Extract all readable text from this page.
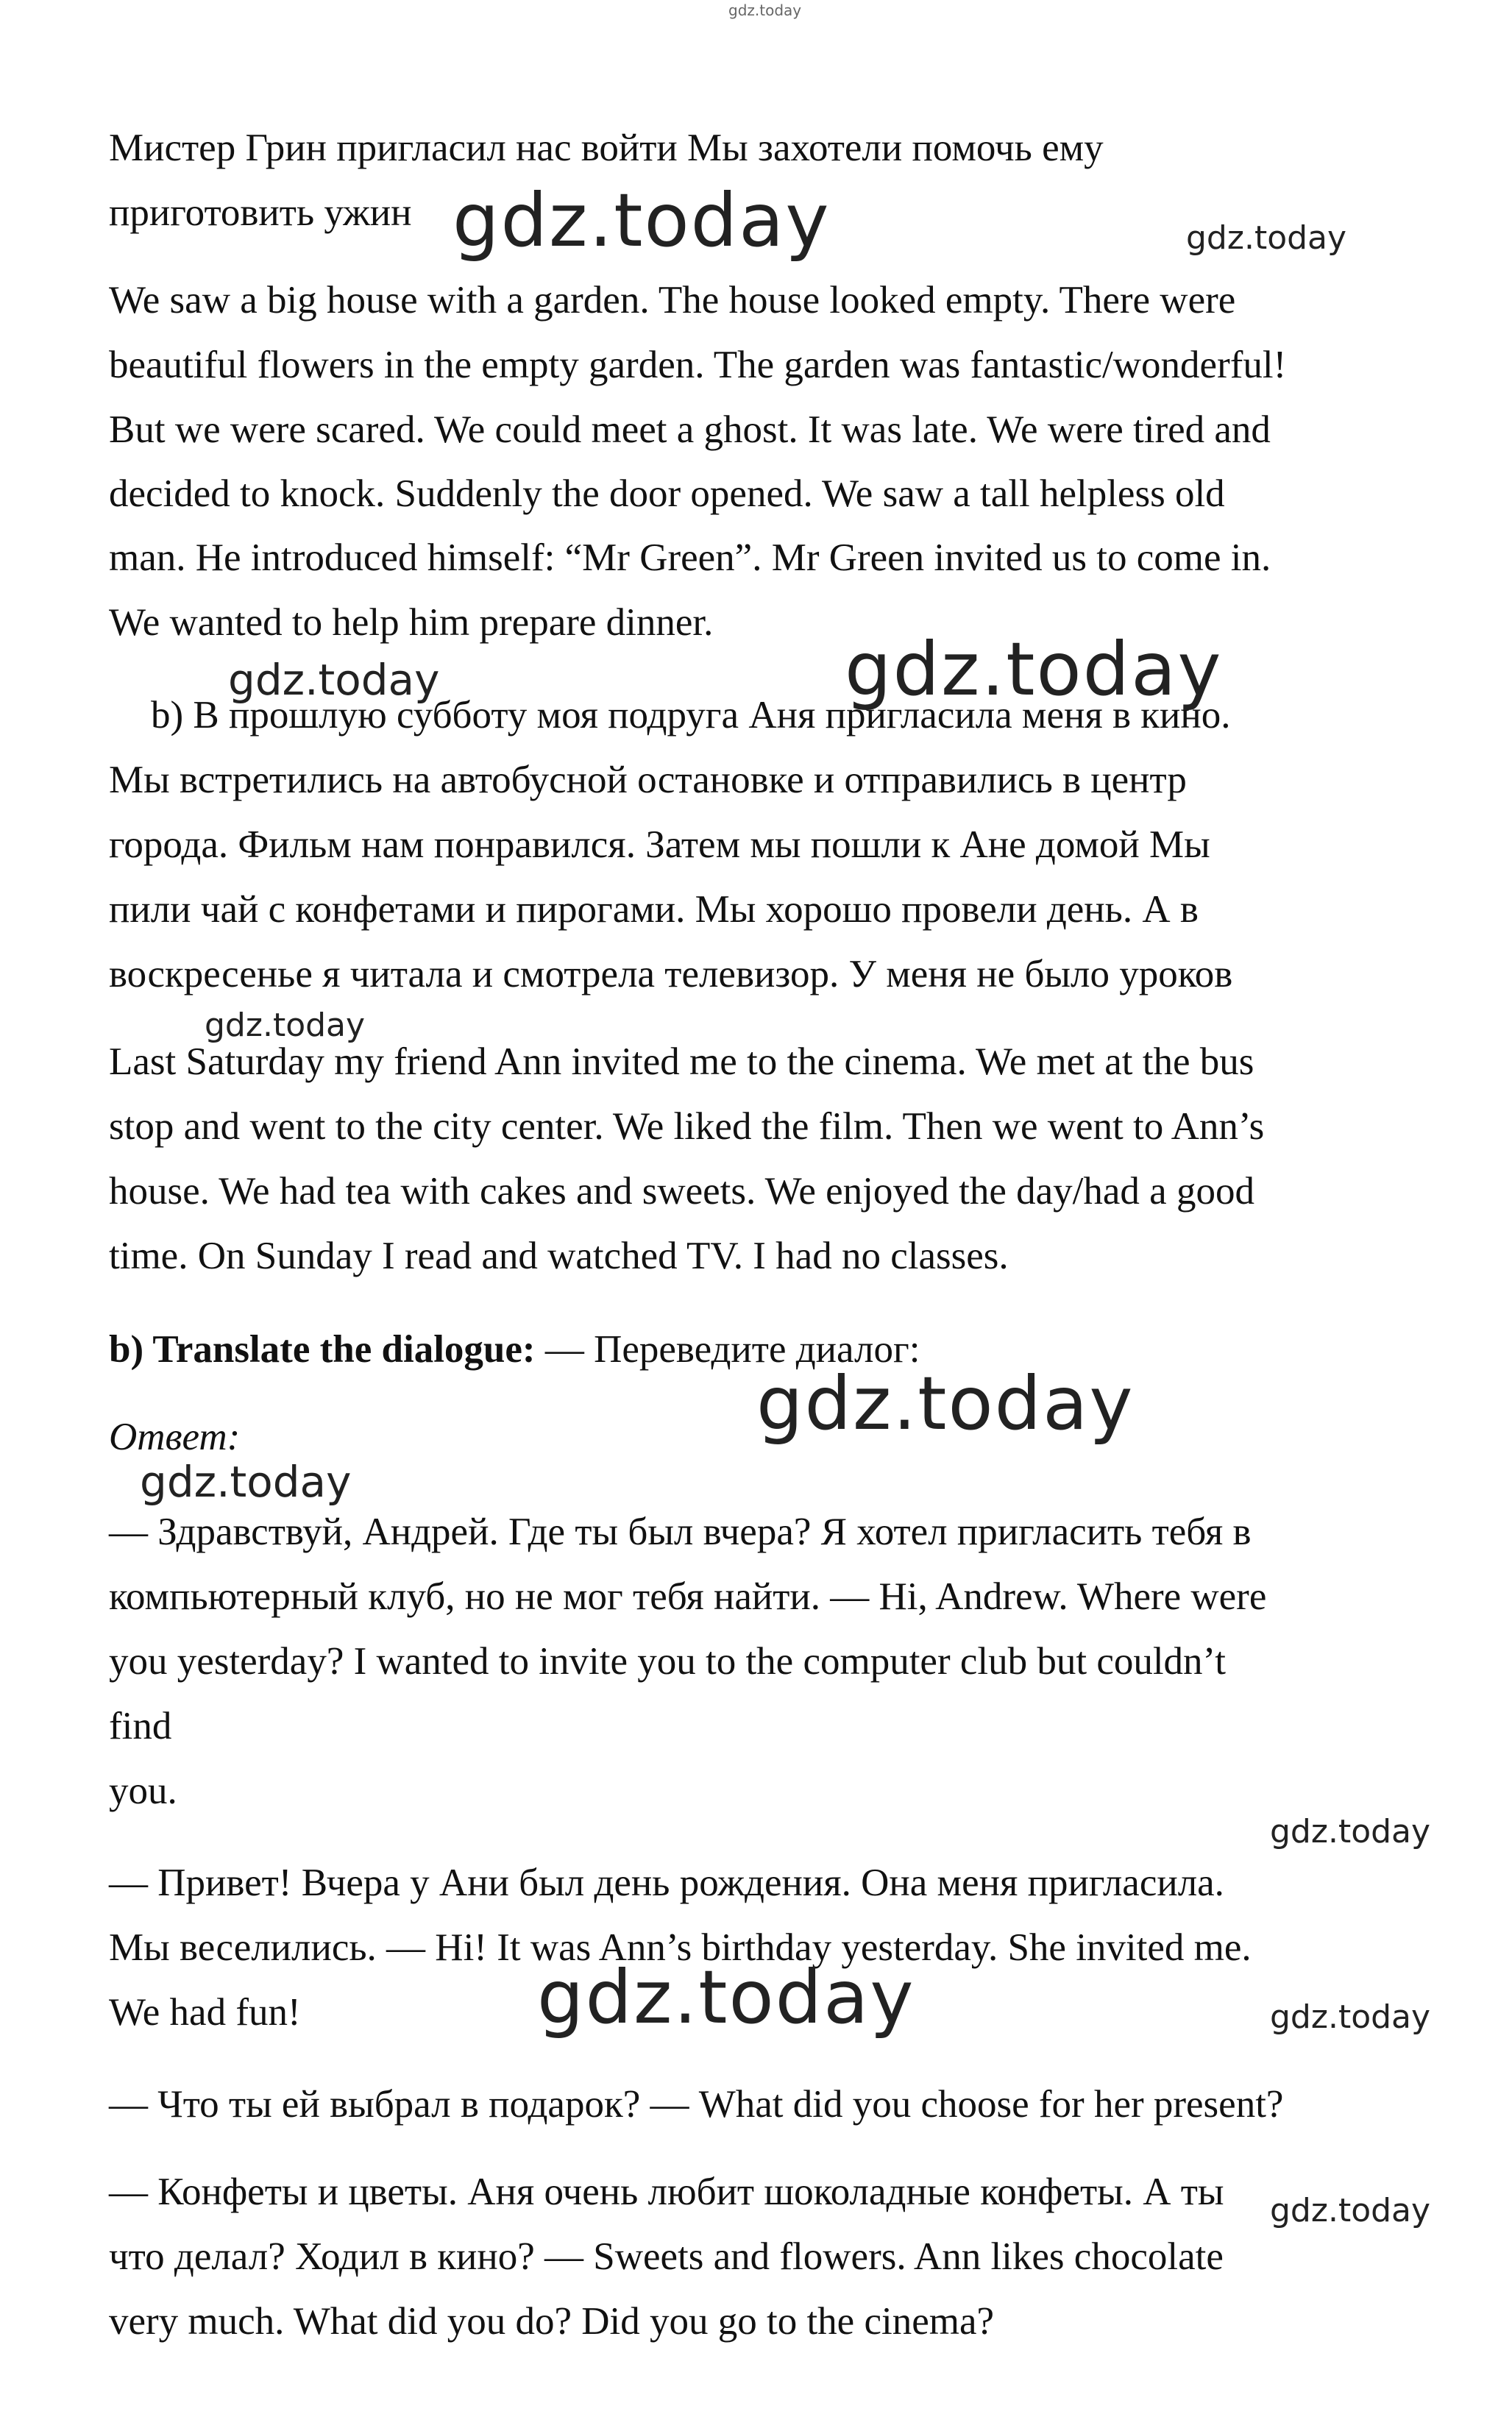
gdz.today
Мистер Грин пригласил нас войти Мы захотели помочь ему
приготовить ужин
We saw a big house with a garden. The house looked empty. There were
beautiful flowers in the empty garden. The garden was fantastic/wonderful!
But we were scared. We could meet a ghost. It was late. We were tired and
decided to knock. Suddenly the door opened. We saw a tall helpless old
man. He introduced himself: “Mr Green”. Mr Green invited us to come in.
We wanted to help him prepare dinner.
b) В прошлую субботу моя подруга Аня пригласила меня в кино.
Мы встретились на автобусной остановке и отправились в центр
города. Фильм нам понравился. Затем мы пошли к Ане домой Мы
пили чай с конфетами и пирогами. Мы хорошо провели день. А в
воскресенье я читала и смотрела телевизор. У меня не было уроков
Last Saturday my friend Ann invited me to the cinema. We met at the bus
stop and went to the city center. We liked the film. Then we went to Ann’s
house. We had tea with cakes and sweets. We enjoyed the day/had a good
time. On Sunday I read and watched TV. I had no classes.
b) Translate the dialogue: — Переведите диалог:
Ответ:
— Здравствуй, Андрей. Где ты был вчера? Я хотел пригласить тебя в
компьютерный клуб, но не мог тебя найти. — Hi, Andrew. Where were
you yesterday? I wanted to invite you to the computer club but couldn’t
find
you.
— Привет! Вчера у Ани был день рождения. Она меня пригласила.
Мы веселились. — Hi! It was Ann’s birthday yesterday. She invited me.
We had fun!
— Что ты ей выбрал в подарок? — What did you choose for her present?
— Конфеты и цветы. Аня очень любит шоколадные конфеты. А ты
что делал? Ходил в кино? — Sweets and flowers. Ann likes chocolate
very much. What did you do? Did you go to the cinema?
gdz.today	gdz.today
gdz.today	gdz.today
gdz.today
gdz.today
gdz.today
gdz.today
gdz.today	gdz.today
gdz.today
